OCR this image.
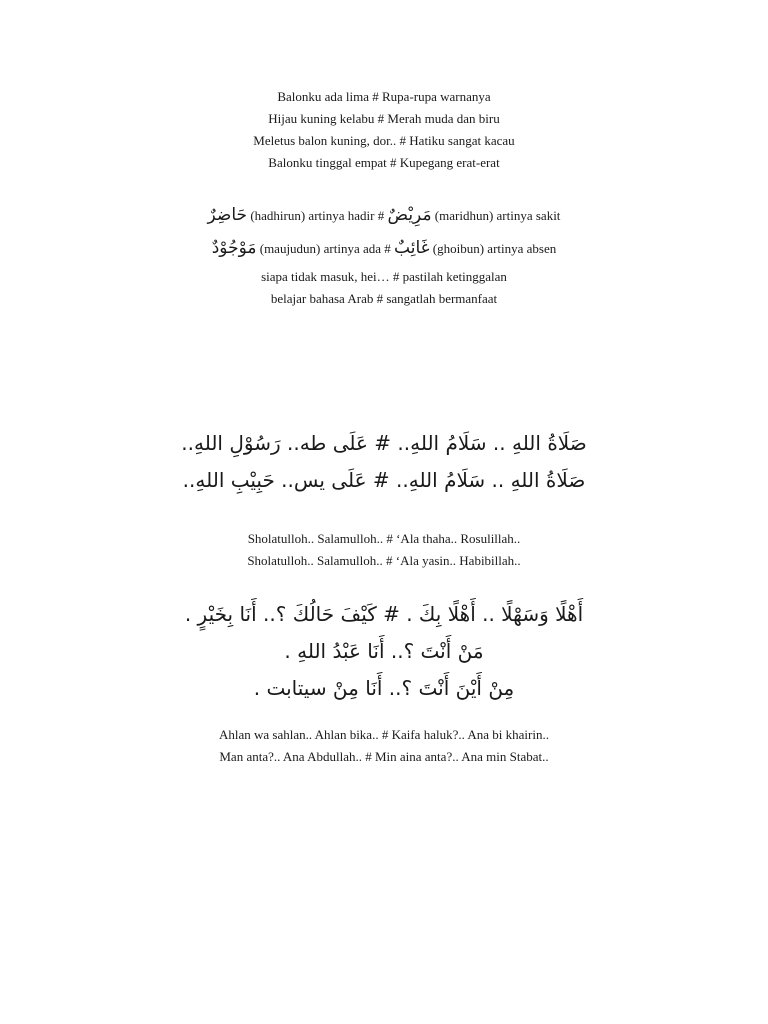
Balonku ada lima # Rupa-rupa warnanya
Hijau kuning kelabu # Merah muda dan biru
Meletus balon kuning, dor.. # Hatiku sangat kacau
Balonku tinggal empat # Kupegang erat-erat
حَاضِرٌ (hadhirun) artinya hadir # مَرِيْضٌ (maridhun) artinya sakit
مَوْجُوْدٌ (maujudun) artinya ada # غَائِبٌ (ghoibun) artinya absen
siapa tidak masuk, hei… # pastilah ketinggalan
belajar bahasa Arab # sangatlah bermanfaat
صَلَاةُ اللهِ .. سَلَامُ اللهِ.. # عَلَى طه.. رَسُوْلِ اللهِ..
صَلَاةُ اللهِ .. سَلَامُ اللهِ.. # عَلَى يس.. حَبِيْبِ اللهِ..
Sholatulloh.. Salamulloh.. # ‘Ala thaha.. Rosulillah..
Sholatulloh.. Salamulloh.. # ‘Ala yasin.. Habibillah..
أَهْلًا وَسَهْلًا .. أَهْلًا بِكَ . # كَيْفَ حَالُكَ ؟.. أَنَا بِخَيْرٍ .
مَنْ أَنْتَ ؟.. أَنَا عَبْدُ اللهِ .
مِنْ أَيْنَ أَنْتَ ؟.. أَنَا مِنْ سيتابت .
Ahlan wa sahlan.. Ahlan bika.. # Kaifa haluk?.. Ana bi khairin..
Man anta?.. Ana Abdullah.. # Min aina anta?.. Ana min Stabat..
